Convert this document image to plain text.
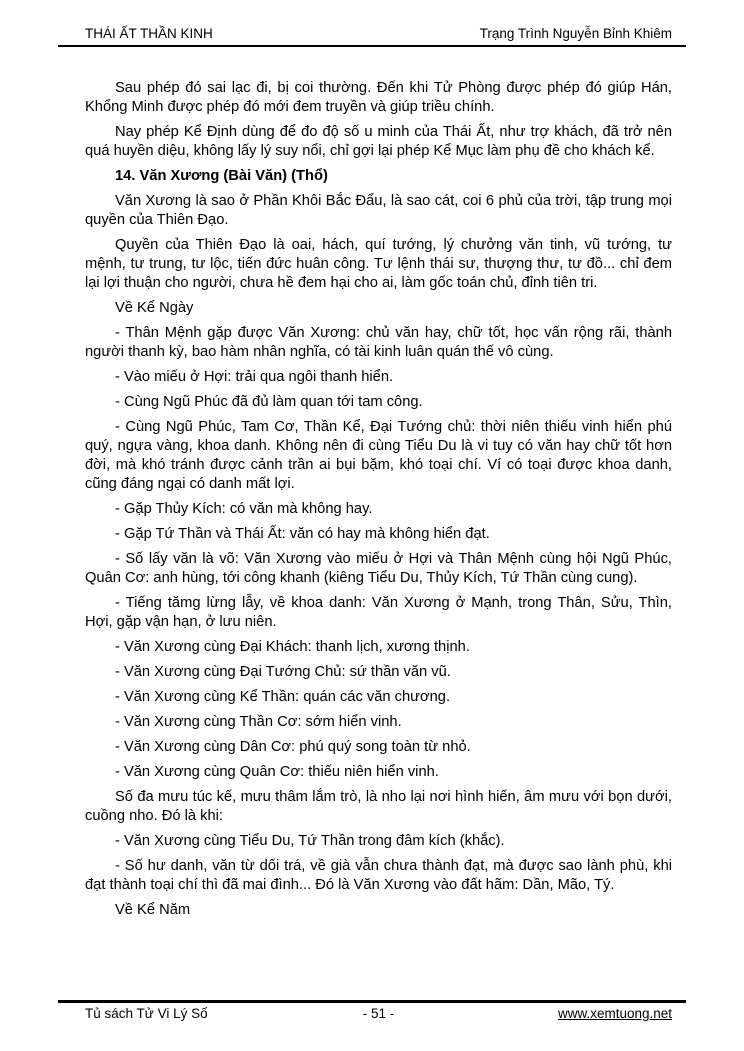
THÁI ẤT THẦN KINH	Trạng Trình Nguyễn Bỉnh Khiêm

Sau phép đó sai lạc đi, bị coi thường. Đến khi Tử Phòng được phép đó giúp Hán, Khổng Minh được phép đó mới đem truyền và giúp triều chính.

Nay phép Kể Định dùng để đo độ số u minh của Thái Ất, như trợ khách, đã trở nên quá huyền diệu, không lấy lý suy nổi, chỉ gợi lại phép Kể Mục làm phụ đề cho khách kể.

14. Văn Xương (Bài Văn) (Thổ)

Văn Xương là sao ở Phần Khôi Bắc Đẩu, là sao cát, coi 6 phủ của trời, tập trung mọi quyền của Thiên Đạo.

Quyền của Thiên Đạo là oai, hách, quí tướng, lý chưởng văn tinh, vũ tướng, tư mệnh, tư trung, tư lộc, tiến đức huân công. Tư lệnh thái sư, thượng thư, tư đồ... chỉ đem lại lợi thuận cho người, chưa hề đem hại cho ai, làm gốc toán chủ, đỉnh tiên tri.

Về Kể Ngày

- Thân Mệnh gặp được Văn Xương: chủ văn hay, chữ tốt, học vấn rộng rãi, thành người thanh kỳ, bao hàm nhân nghĩa, có tài kinh luân quán thế vô cùng.

- Vào miếu ở Hợi: trải qua ngôi thanh hiển.

- Cùng Ngũ Phúc đã đủ làm quan tới tam công.

- Cùng Ngũ Phúc, Tam Cơ, Thần Kể, Đại Tướng chủ: thời niên thiếu vinh hiển phú quý, ngựa vàng, khoa danh. Không nên đi cùng Tiểu Du là vi tuy có văn hay chữ tốt hơn đời, mà khó tránh được cảnh trần ai bụi bặm, khó toại chí. Ví có toại được khoa danh, cũng đáng ngại có danh mất lợi.

- Gặp Thủy Kích: có văn mà không hay.

- Gặp Tứ Thần và Thái Ất: văn có hay mà không hiển đạt.

- Số lấy văn là võ: Văn Xương vào miếu ở Hợi và Thân Mệnh cùng hội Ngũ Phúc, Quân Cơ: anh hùng, tới công khanh (kiêng Tiểu Du, Thủy Kích, Tứ Thần cùng cung).

- Tiếng tămg lừng lẫy, về khoa danh: Văn Xương ở Mạnh, trong Thân, Sửu, Thìn, Hợi, gặp vận hạn, ở lưu niên.

- Văn Xương cùng Đại Khách: thanh lịch, xương thịnh.

- Văn Xương cùng Đại Tướng Chủ: sứ thần văn vũ.

- Văn Xương cùng Kể Thần: quán các văn chương.

- Văn Xương cùng Thần Cơ: sớm hiển vinh.

- Văn Xương cùng Dân Cơ: phú quý song toàn từ nhỏ.

- Văn Xương cùng Quân Cơ: thiếu niên hiển vinh.

Số đa mưu túc kế, mưu thâm lắm trò, là nho lại nơi hình hiến, âm mưu với bọn dưới, cuồng nho. Đó là khi:

- Văn Xương cùng Tiểu Du, Tứ Thần trong đâm kích (khắc).

- Số hư danh, văn từ dối trá, về già vẫn chưa thành đạt, mà được sao lành phù, khi đạt thành toại chí thì đã mai đình... Đó là Văn Xương vào đất hãm: Dần, Mão, Tý.

Về Kể Năm

Tủ sách Tử Vi Lý Số	- 51 -	www.xemtuong.net
